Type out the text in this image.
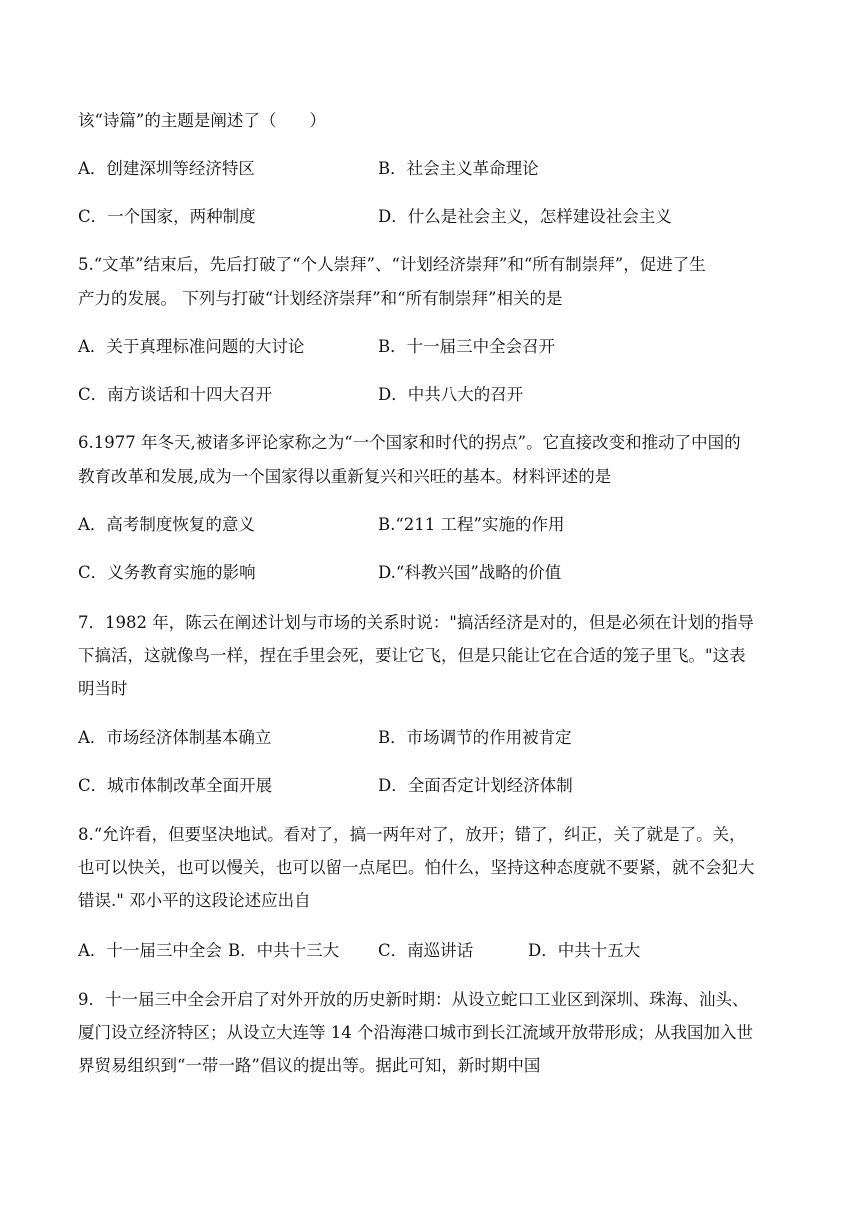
该“诗篇”的主题是阐述了（　　）
A．创建深圳等经济特区	B．社会主义革命理论
C．一个国家，两种制度	D．什么是社会主义，怎样建设社会主义
5.“文革”结束后，先后打破了“个人崇拜”、“计划经济崇拜”和“所有制崇拜”，促进了生
产力的发展。 下列与打破“计划经济崇拜”和“所有制崇拜”相关的是
A．关于真理标准问题的大讨论	B．十一届三中全会召开
C．南方谈话和十四大召开	D．中共八大的召开
6.1977 年冬天,被诸多评论家称之为“一个国家和时代的拐点”。它直接改变和推动了中国的
教育改革和发展,成为一个国家得以重新复兴和兴旺的基本。材料评述的是
A．高考制度恢复的意义	B.“211 工程”实施的作用
C．义务教育实施的影响	D.“科教兴国”战略的价值
7．1982 年，陈云在阐述计划与市场的关系时说："搞活经济是对的，但是必须在计划的指导
下搞活，这就像鸟一样，捏在手里会死，要让它飞，但是只能让它在合适的笼子里飞。"这表
明当时
A．市场经济体制基本确立	B．市场调节的作用被肯定
C．城市体制改革全面开展	D．全面否定计划经济体制
8.“允许看，但要坚决地试。看对了，搞一两年对了，放开；错了，纠正，关了就是了。关，
也可以快关，也可以慢关，也可以留一点尾巴。怕什么，坚持这种态度就不要紧，就不会犯大
错误." 邓小平的这段论述应出自
A．十一届三中全会 B．中共十三大	C．南巡讲话	D．中共十五大
9．十一届三中全会开启了对外开放的历史新时期：从设立蛇口工业区到深圳、珠海、汕头、
厦门设立经济特区；从设立大连等 14 个沿海港口城市到长江流域开放带形成；从我国加入世
界贸易组织到“一带一路”倡议的提出等。据此可知，新时期中国
